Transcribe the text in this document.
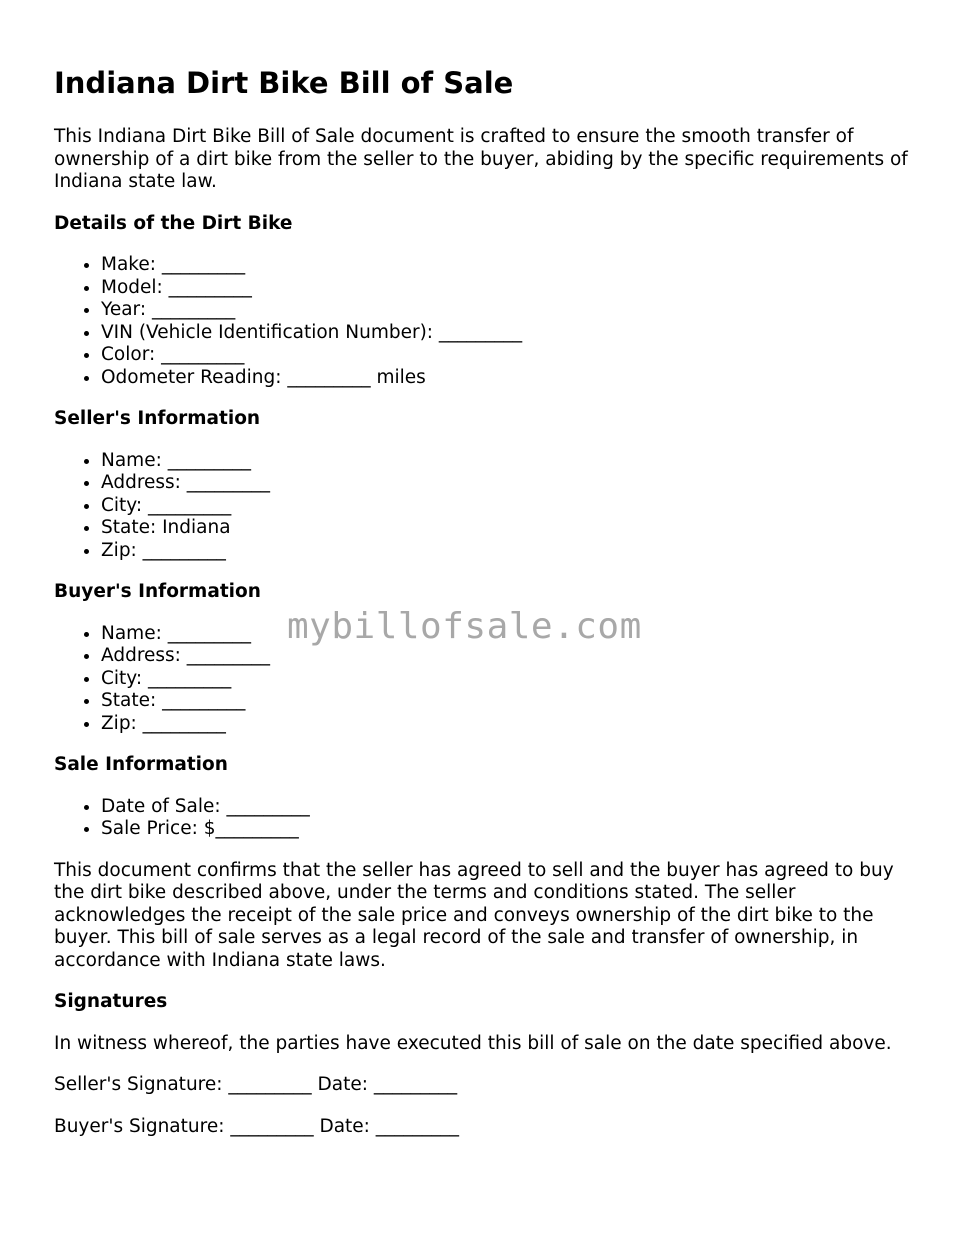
Indiana Dirt Bike Bill of Sale

This Indiana Dirt Bike Bill of Sale document is crafted to ensure the smooth transfer of ownership of a dirt bike from the seller to the buyer, abiding by the specific requirements of Indiana state law.

Details of the Dirt Bike
• Make: _________
• Model: _________
• Year: _________
• VIN (Vehicle Identification Number): _________
• Color: _________
• Odometer Reading: _________ miles
Seller's Information
• Name: _________
• Address: _________
• City: _________
• State: Indiana
• Zip: _________
Buyer's Information
• Name: _________
• Address: _________
• City: _________
• State: _________
• Zip: _________
Sale Information
• Date of Sale: _________
• Sale Price: $_________

This document confirms that the seller has agreed to sell and the buyer has agreed to buy the dirt bike described above, under the terms and conditions stated. The seller acknowledges the receipt of the sale price and conveys ownership of the dirt bike to the buyer. This bill of sale serves as a legal record of the sale and transfer of ownership, in accordance with Indiana state laws.

Signatures

In witness whereof, the parties have executed this bill of sale on the date specified above.

Seller's Signature: _________ Date: _________

Buyer's Signature: _________ Date: _________

mybillofsale.com
